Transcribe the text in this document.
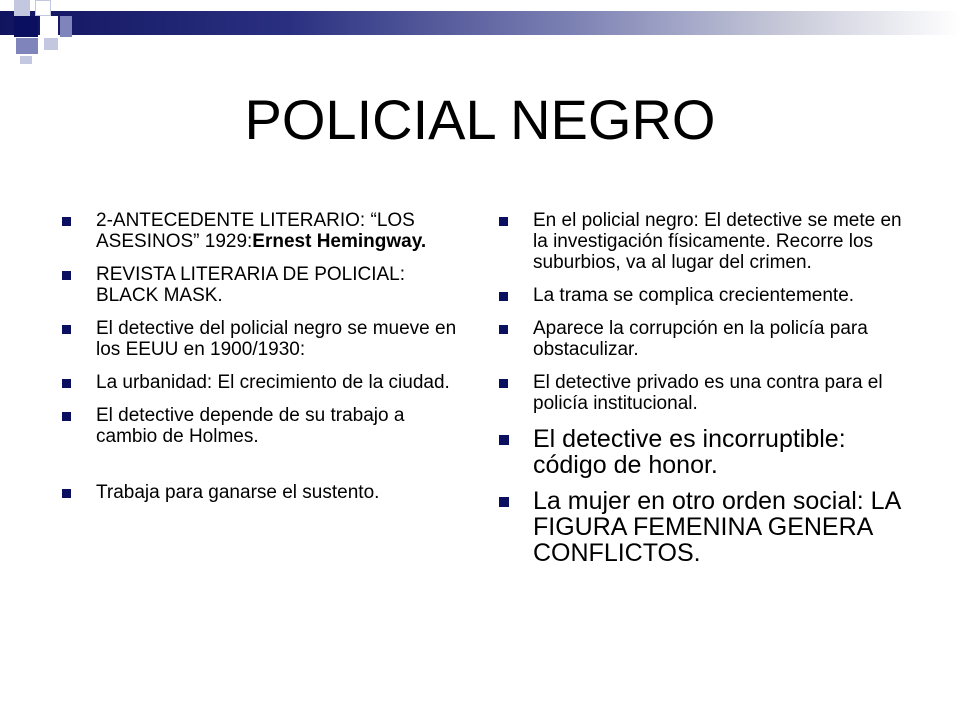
POLICIAL NEGRO
2-ANTECEDENTE LITERARIO: “LOS ASESINOS” 1929:Ernest Hemingway.
REVISTA LITERARIA DE POLICIAL: BLACK MASK.
El detective del policial negro se mueve en los EEUU en 1900/1930:
La urbanidad: El crecimiento de la ciudad.
El detective depende de su trabajo a cambio de Holmes.
Trabaja para ganarse el sustento.
En el policial negro: El detective se mete en la investigación físicamente. Recorre los suburbios, va al lugar del crimen.
La trama se complica crecientemente.
Aparece la corrupción en la policía para obstaculizar.
El detective privado es una contra para el policía institucional.
El detective es incorruptible: código de honor.
La mujer en otro orden social: LA FIGURA FEMENINA GENERA CONFLICTOS.
